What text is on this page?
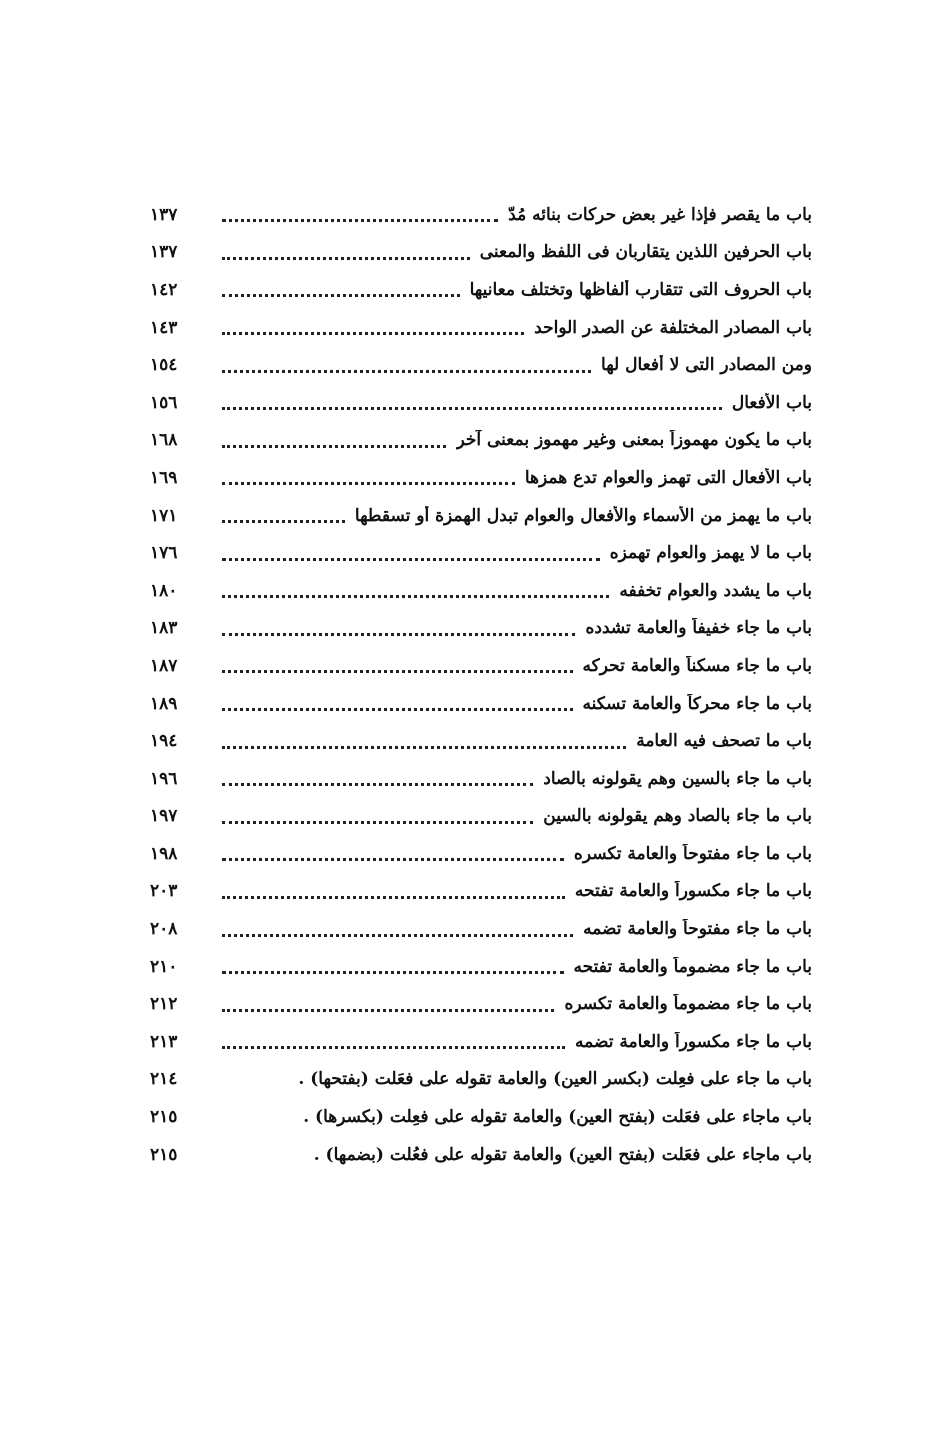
باب ما يقصر فإذا غير بعض حركات بنائه مُدّ
١٣٧
باب الحرفين اللذين يتقاربان فى اللفظ والمعنى
١٣٧
باب الحروف التى تتقارب ألفاظها وتختلف معانيها
١٤٢
باب المصادر المختلفة عن الصدر الواحد
١٤٣
ومن المصادر التى لا أفعال لها
١٥٤
باب الأفعال
١٥٦
باب ما يكون مهموزاً بمعنى وغير مهموز بمعنى آخر
١٦٨
باب الأفعال التى تهمز والعوام تدع همزها
١٦٩
باب ما يهمز من الأسماء والأفعال والعوام تبدل الهمزة أو تسقطها
١٧١
باب ما لا يهمز والعوام تهمزه
١٧٦
باب ما يشدد والعوام تخففه
١٨٠
باب ما جاء خفيفاً والعامة تشدده
١٨٣
باب ما جاء مسكناً والعامة تحركه
١٨٧
باب ما جاء محركاً والعامة تسكنه
١٨٩
باب ما تصحف فيه العامة
١٩٤
باب ما جاء بالسين وهم يقولونه بالصاد
١٩٦
باب ما جاء بالصاد وهم يقولونه بالسين
١٩٧
باب ما جاء مفتوحاً والعامة تكسره
١٩٨
باب ما جاء مكسوراً والعامة تفتحه
٢٠٣
باب ما جاء مفتوحاً والعامة تضمه
٢٠٨
باب ما جاء مضموماً والعامة تفتحه
٢١٠
باب ما جاء مضموماً والعامة تكسره
٢١٢
باب ما جاء مكسوراً والعامة تضمه
٢١٣
باب ما جاء على فعِلت (بكسر العين) والعامة تقوله على فعَلت (بفتحها) .
٢١٤
باب ماجاء على فعَلت (بفتح العين) والعامة تقوله على فعِلت (بكسرها) .
٢١٥
باب ماجاء على فعَلت (بفتح العين) والعامة تقوله على فعُلت (بضمها) .
٢١٥
